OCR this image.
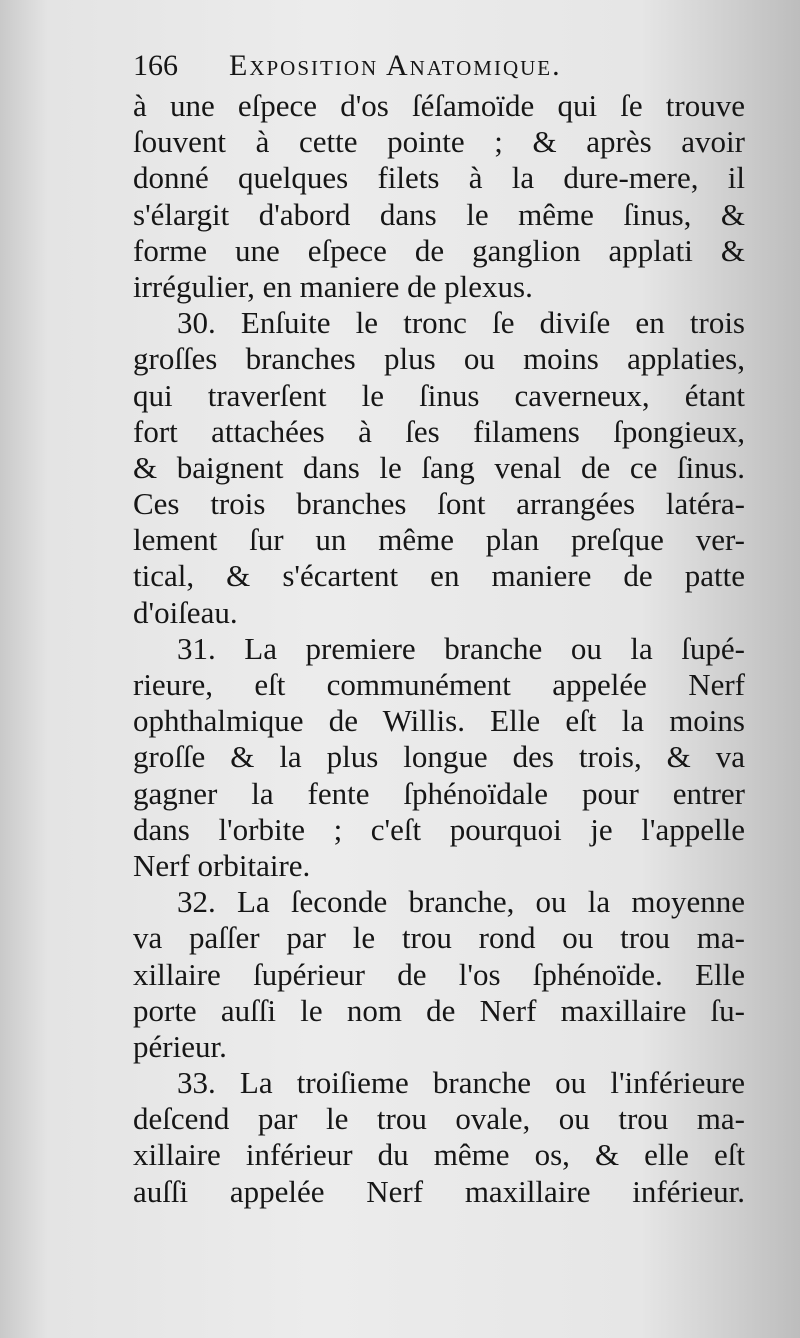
166	Exposition Anatomique.
à une eſpece d'os ſéſamoïde qui ſe trouve
ſouvent à cette pointe ; & après avoir
donné quelques filets à la dure-mere, il
s'élargit d'abord dans le même ſinus, &
forme une eſpece de ganglion applati &
irrégulier, en maniere de plexus.
30. Enſuite le tronc ſe diviſe en trois
groſſes branches plus ou moins applaties,
qui traverſent le ſinus caverneux, étant
fort attachées à ſes filamens ſpongieux,
& baignent dans le ſang venal de ce ſinus.
Ces trois branches ſont arrangées latéra-
lement ſur un même plan preſque ver-
tical, & s'écartent en maniere de patte
d'oiſeau.
31. La premiere branche ou la ſupé-
rieure, eſt communément appelée Nerf
ophthalmique de Willis. Elle eſt la moins
groſſe & la plus longue des trois, & va
gagner la fente ſphénoïdale pour entrer
dans l'orbite ; c'eſt pourquoi je l'appelle
Nerf orbitaire.
32. La ſeconde branche, ou la moyenne
va paſſer par le trou rond ou trou ma-
xillaire ſupérieur de l'os ſphénoïde. Elle
porte auſſi le nom de Nerf maxillaire ſu-
périeur.
33. La troiſieme branche ou l'inférieure
deſcend par le trou ovale, ou trou ma-
xillaire inférieur du même os, & elle eſt
auſſi appelée Nerf maxillaire inférieur.
